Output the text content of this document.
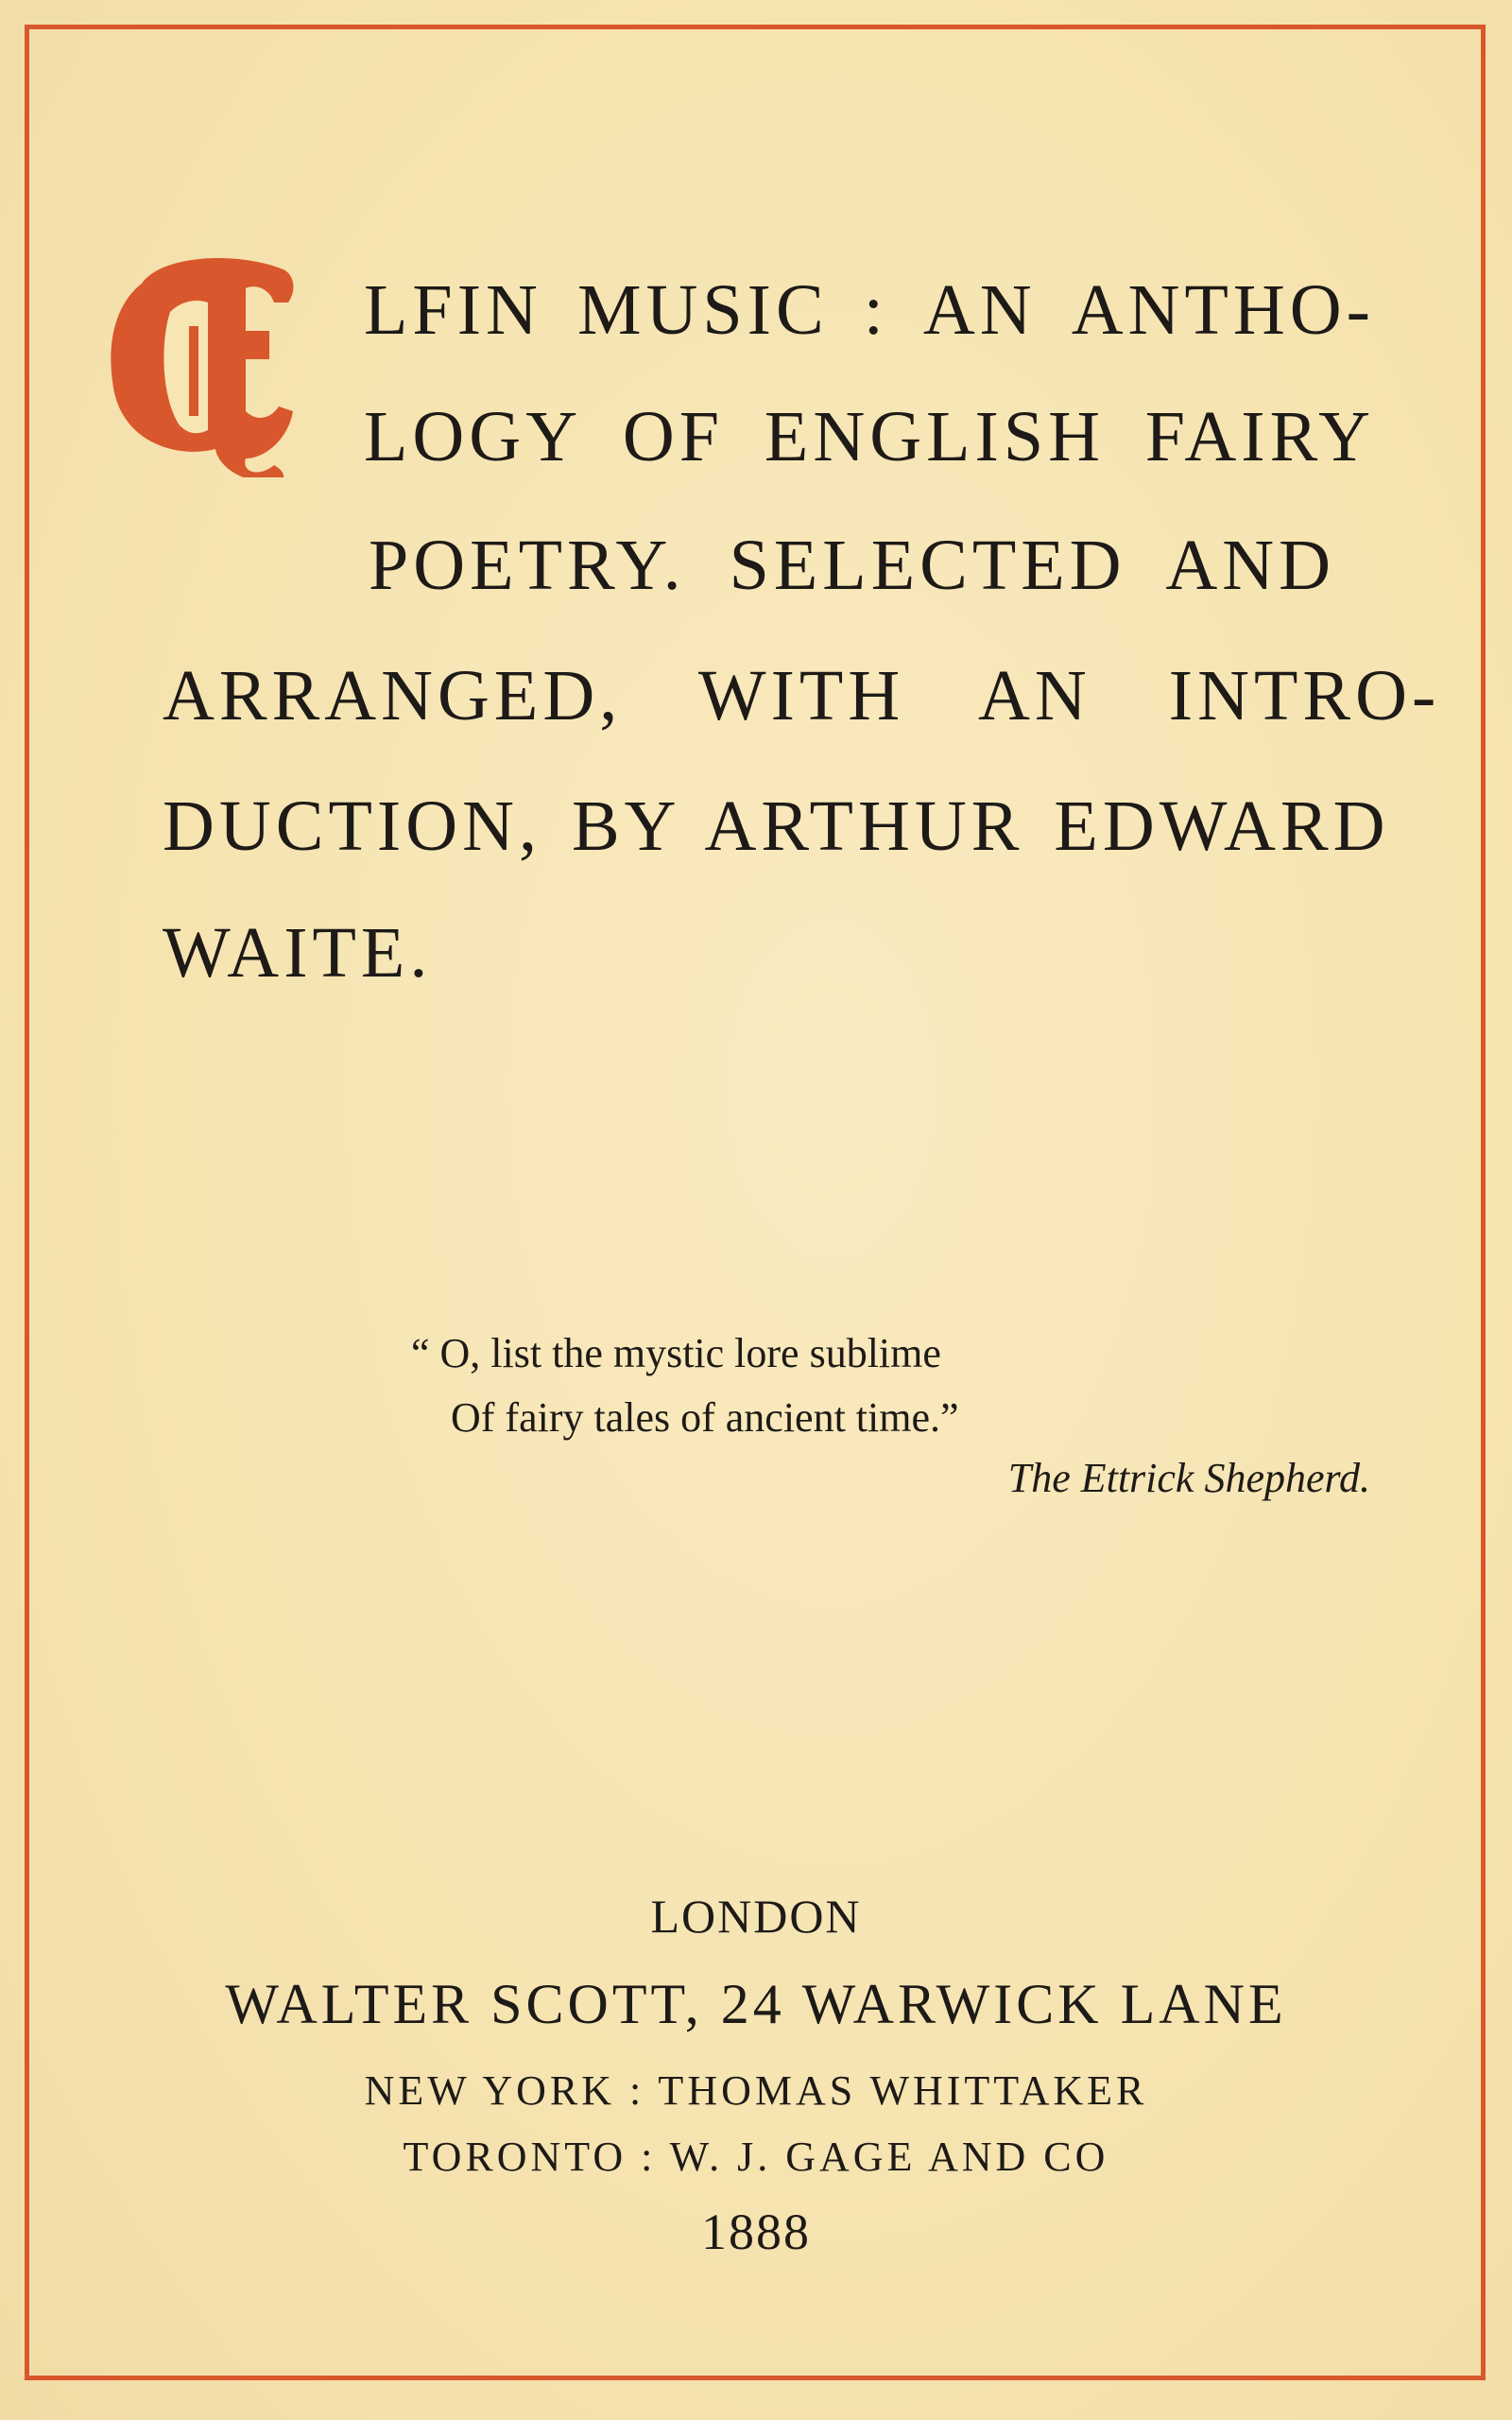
LFIN MUSIC : AN ANTHO-
LOGY OF ENGLISH FAIRY
POETRY. SELECTED AND
ARRANGED, WITH AN INTRO-
DUCTION, BY ARTHUR EDWARD
WAITE.
“ O, list the mystic lore sublime
Of fairy tales of ancient time.”
The Ettrick Shepherd.
LONDON
WALTER SCOTT, 24 WARWICK LANE
NEW YORK : THOMAS WHITTAKER
TORONTO : W. J. GAGE AND CO
1888
